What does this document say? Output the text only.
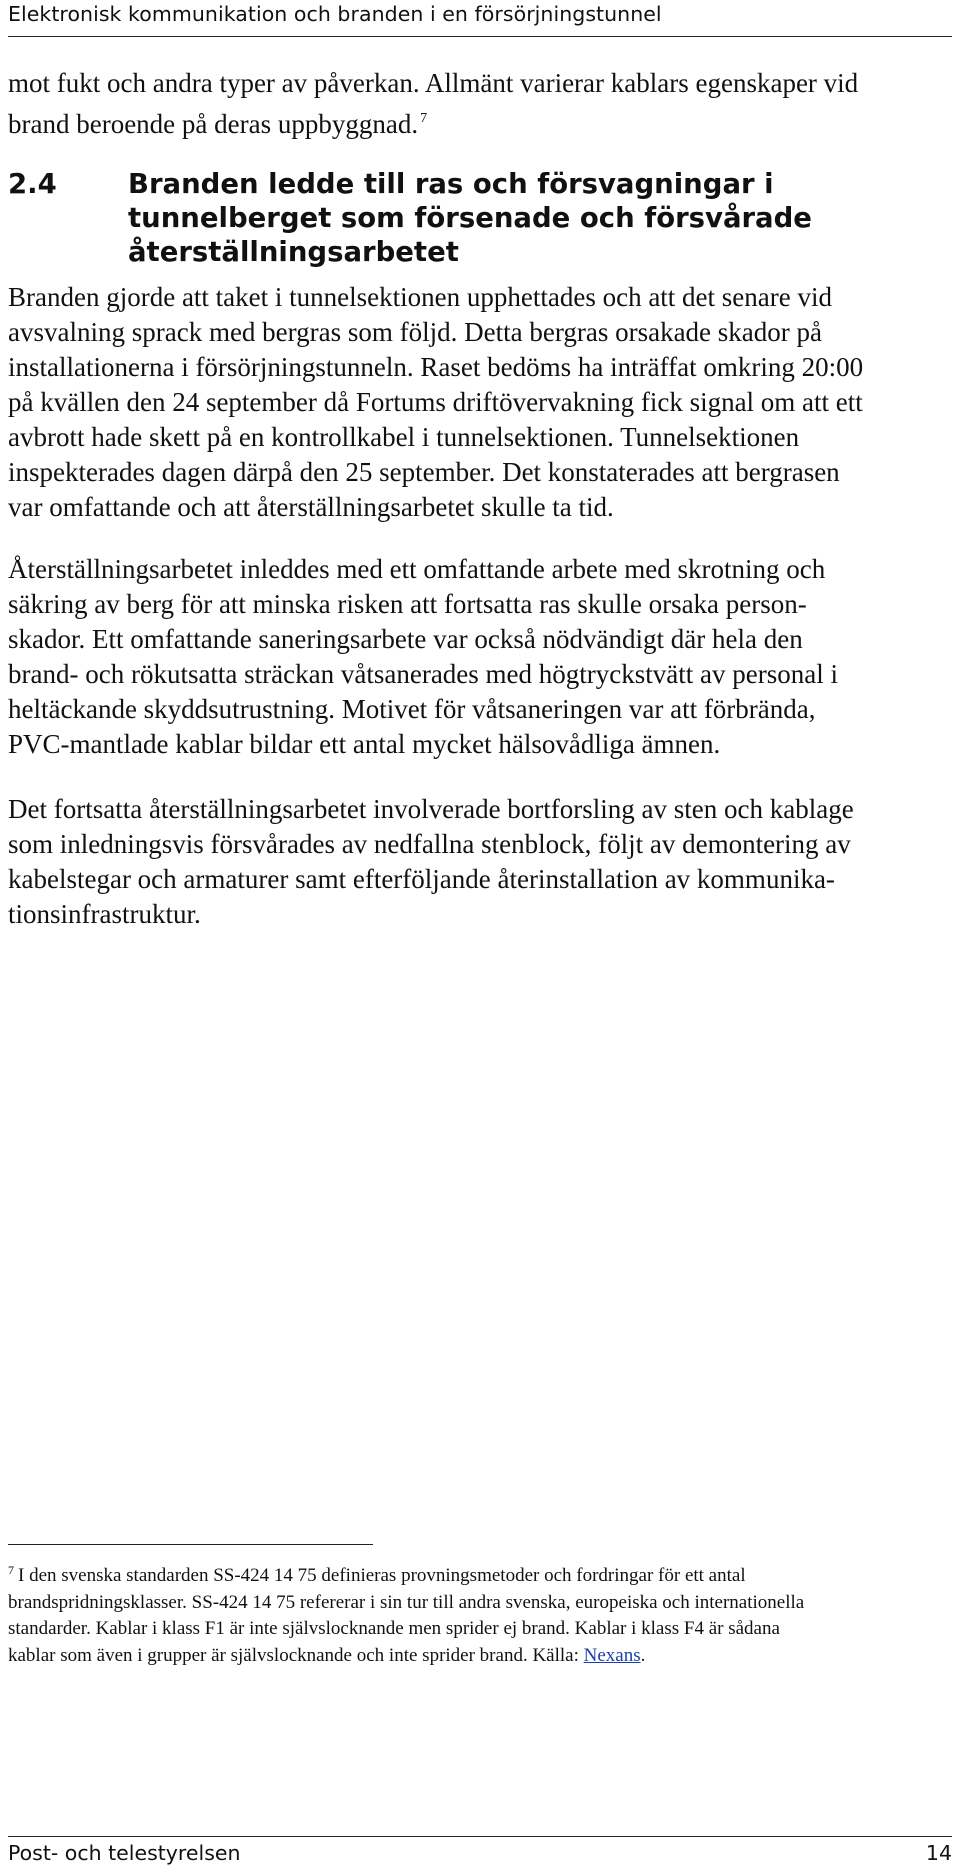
Elektronisk kommunikation och branden i en försörjningstunnel

mot fukt och andra typer av påverkan. Allmänt varierar kablars egenskaper vid
brand beroende på deras uppbyggnad. $^7$

2.4	Branden ledde till ras och försvagningar i
tunnelberget som försenade och försvårade
återställningsarbetet

Branden gjorde att taket i tunnelsektionen upphettades och att det senare vid
avsvalning sprack med bergras som följd. Detta bergras orsakade skador på
installationerna i försörjningstunneln. Raset bedöms ha inträffat omkring 20:00
på kvällen den 24 september då Fortums driftövervakning fick signal om att ett
avbrott hade skett på en kontrollkabel i tunnelsektionen. Tunnelsektionen
inspekterades dagen därpå den 25 september. Det konstaterades att bergrasen
var omfattande och att återställningsarbetet skulle ta tid.

Återställningsarbetet inleddes med ett omfattande arbete med skrotning och
säkring av berg för att minska risken att fortsatta ras skulle orsaka person-
skador. Ett omfattande saneringsarbete var också nödvändigt där hela den
brand- och rökutsatta sträckan våtsanerades med högtryckstvätt av personal i
heltäckande skyddsutrustning. Motivet för våtsaneringen var att förbrända,
PVC-mantlade kablar bildar ett antal mycket hälsovådliga ämnen.

Det fortsatta återställningsarbetet involverade bortforsling av sten och kablage
som inledningsvis försvårades av nedfallna stenblock, följt av demontering av
kabelstegar och armaturer samt efterföljande återinstallation av kommunika-
tionsinfrastruktur.

$^7$ I den svenska standarden SS-424 14 75 definieras provningsmetoder och fordringar för ett antal
brandspridningsklasser. SS-424 14 75 refererar i sin tur till andra svenska, europeiska och internationella
standarder. Kablar i klass F1 är inte självslocknande men sprider ej brand. Kablar i klass F4 är sådana
kablar som även i grupper är självslocknande och inte sprider brand. Källa: Nexans.
Post- och telestyrelsen	14
